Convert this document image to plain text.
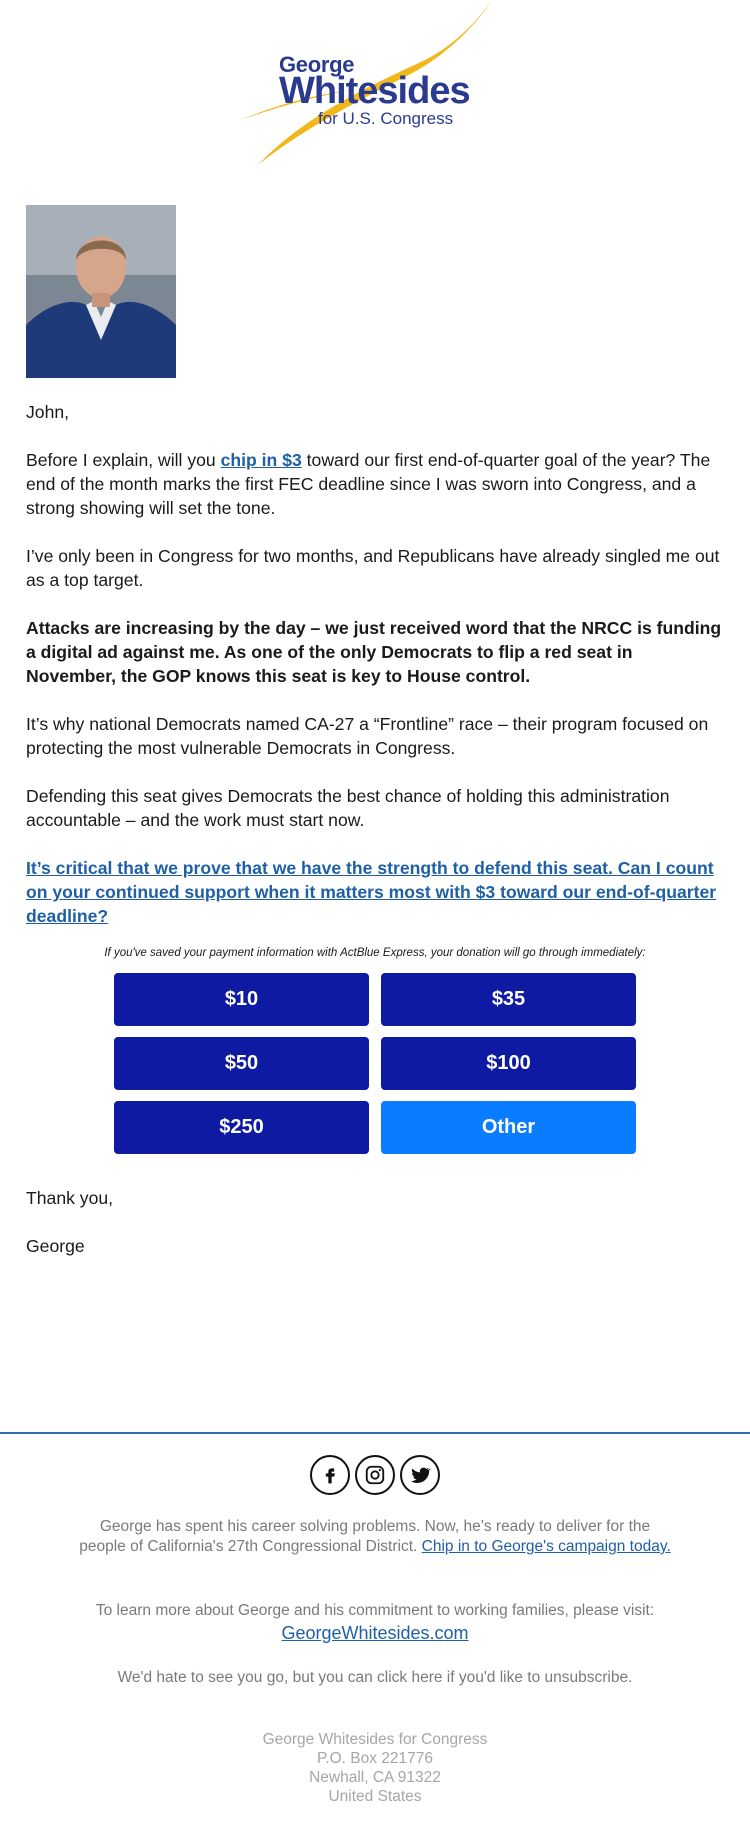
George
Whitesides
for U.S. Congress

John,

Before I explain, will you chip in $3 toward our first end-of-quarter goal of the year? The end of the month marks the first FEC deadline since I was sworn into Congress, and a strong showing will set the tone.

I’ve only been in Congress for two months, and Republicans have already singled me out as a top target.

Attacks are increasing by the day – we just received word that the NRCC is funding a digital ad against me. As one of the only Democrats to flip a red seat in November, the GOP knows this seat is key to House control.

It’s why national Democrats named CA-27 a “Frontline” race – their program focused on protecting the most vulnerable Democrats in Congress.

Defending this seat gives Democrats the best chance of holding this administration accountable – and the work must start now.

It’s critical that we prove that we have the strength to defend this seat. Can I count on your continued support when it matters most with $3 toward our end-of-quarter deadline?

If you've saved your payment information with ActBlue Express, your donation will go through immediately:
$10	$35
$50	$100
$250	Other

Thank you,

George

George has spent his career solving problems. Now, he’s ready to deliver for the people of California's 27th Congressional District. Chip in to George's campaign today.
To learn more about George and his commitment to working families, please visit:
GeorgeWhitesides.com
We'd hate to see you go, but you can click here if you'd like to unsubscribe.
George Whitesides for Congress
P.O. Box 221776
Newhall, CA 91322
United States
